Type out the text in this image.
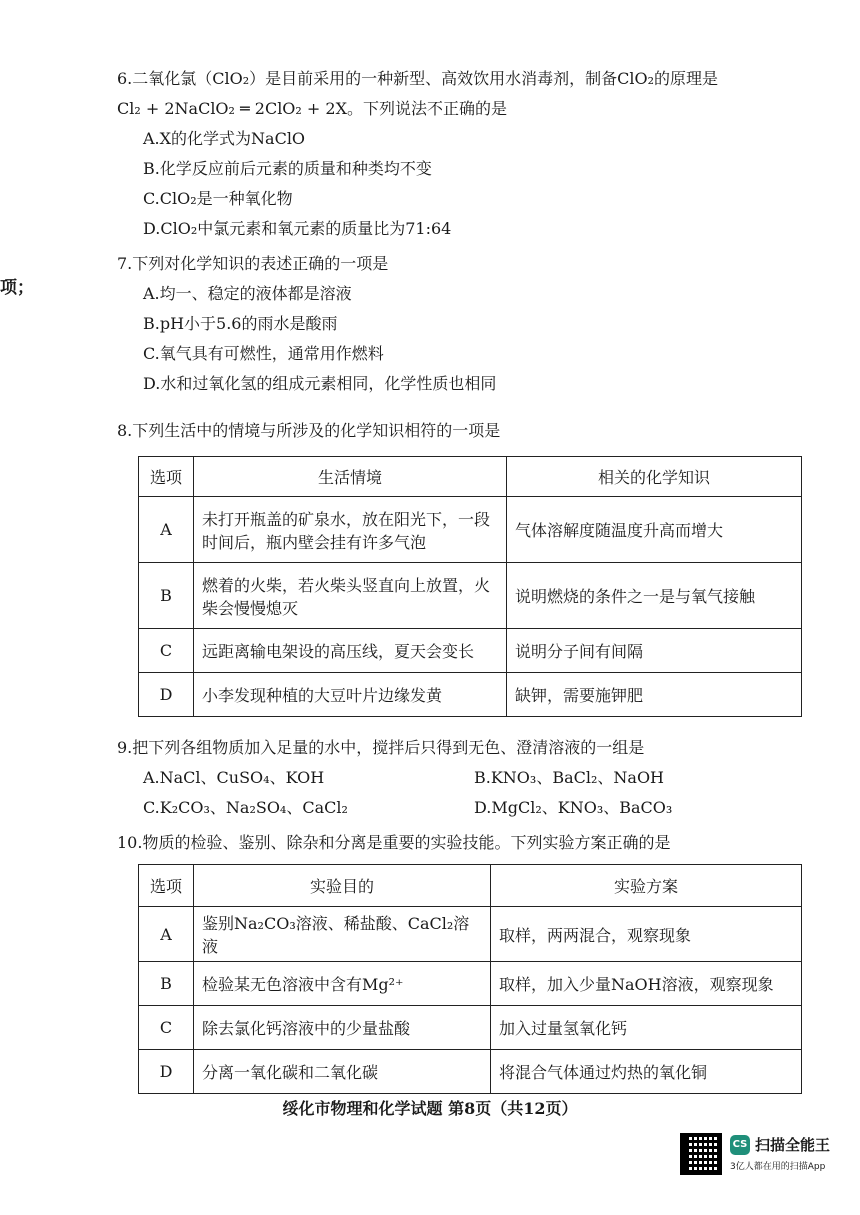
项；
6.二氧化氯（ClO₂）是目前采用的一种新型、高效饮用水消毒剂，制备ClO₂的原理是
Cl₂ + 2NaClO₂ ═ 2ClO₂ + 2X。下列说法不正确的是
A.X的化学式为NaClO
B.化学反应前后元素的质量和种类均不变
C.ClO₂是一种氧化物
D.ClO₂中氯元素和氧元素的质量比为71:64
7.下列对化学知识的表述正确的一项是
A.均一、稳定的液体都是溶液
B.pH小于5.6的雨水是酸雨
C.氧气具有可燃性，通常用作燃料
D.水和过氧化氢的组成元素相同，化学性质也相同
8.下列生活中的情境与所涉及的化学知识相符的一项是
选项	生活情境	相关的化学知识
A	未打开瓶盖的矿泉水，放在阳光下，一段时间后，瓶内壁会挂有许多气泡	气体溶解度随温度升高而增大
B	燃着的火柴，若火柴头竖直向上放置，火柴会慢慢熄灭	说明燃烧的条件之一是与氧气接触
C	远距离输电架设的高压线，夏天会变长	说明分子间有间隔
D	小李发现种植的大豆叶片边缘发黄	缺钾，需要施钾肥
9.把下列各组物质加入足量的水中，搅拌后只得到无色、澄清溶液的一组是
A.NaCl、CuSO₄、KOH	B.KNO₃、BaCl₂、NaOH
C.K₂CO₃、Na₂SO₄、CaCl₂	D.MgCl₂、KNO₃、BaCO₃
10.物质的检验、鉴别、除杂和分离是重要的实验技能。下列实验方案正确的是
选项	实验目的	实验方案
A	鉴别Na₂CO₃溶液、稀盐酸、CaCl₂溶液	取样，两两混合，观察现象
B	检验某无色溶液中含有Mg²⁺	取样，加入少量NaOH溶液，观察现象
C	除去氯化钙溶液中的少量盐酸	加入过量氢氧化钙
D	分离一氧化碳和二氧化碳	将混合气体通过灼热的氧化铜
绥化市物理和化学试题 第8页（共12页）
CS 扫描全能王
3亿人都在用的扫描App
